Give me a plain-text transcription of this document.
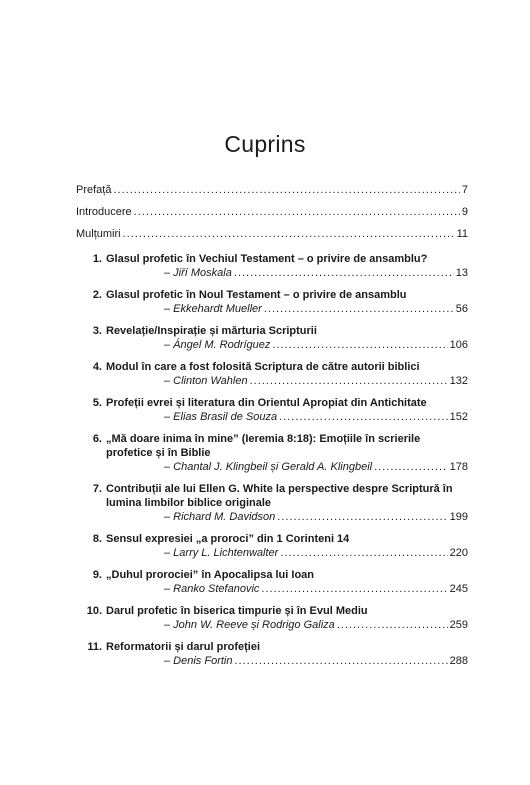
Cuprins
Prefață .....	7
Introducere .....	9
Mulțumiri .....	11
1. Glasul profetic în Vechiul Testament – o privire de ansamblu?
– Jiří Moskala .....	13
2. Glasul profetic în Noul Testament – o privire de ansamblu
– Ekkehardt Mueller .....	56
3. Revelație/Inspirație și mărturia Scripturii
– Ángel M. Rodríguez .....	106
4. Modul în care a fost folosită Scriptura de către autorii biblici
– Clinton Wahlen .....	132
5. Profeții evrei și literatura din Orientul Apropiat din Antichitate
– Elias Brasil de Souza .....	152
6. „Mă doare inima în mine” (Ieremia 8:18): Emoțiile în scrierile
profetice și în Biblie
– Chantal J. Klingbeil și Gerald A. Klingbeil .....	178
7. Contribuții ale lui Ellen G. White la perspective despre Scriptură în
lumina limbilor biblice originale
– Richard M. Davidson .....	199
8. Sensul expresiei „a proroci” din 1 Corinteni 14
– Larry L. Lichtenwalter .....	220
9. „Duhul prorociei” în Apocalipsa lui Ioan
– Ranko Stefanovic .....	245
10. Darul profetic în biserica timpurie și în Evul Mediu
– John W. Reeve și Rodrigo Galiza .....	259
11. Reformatorii și darul profeției
– Denis Fortin .....	288
